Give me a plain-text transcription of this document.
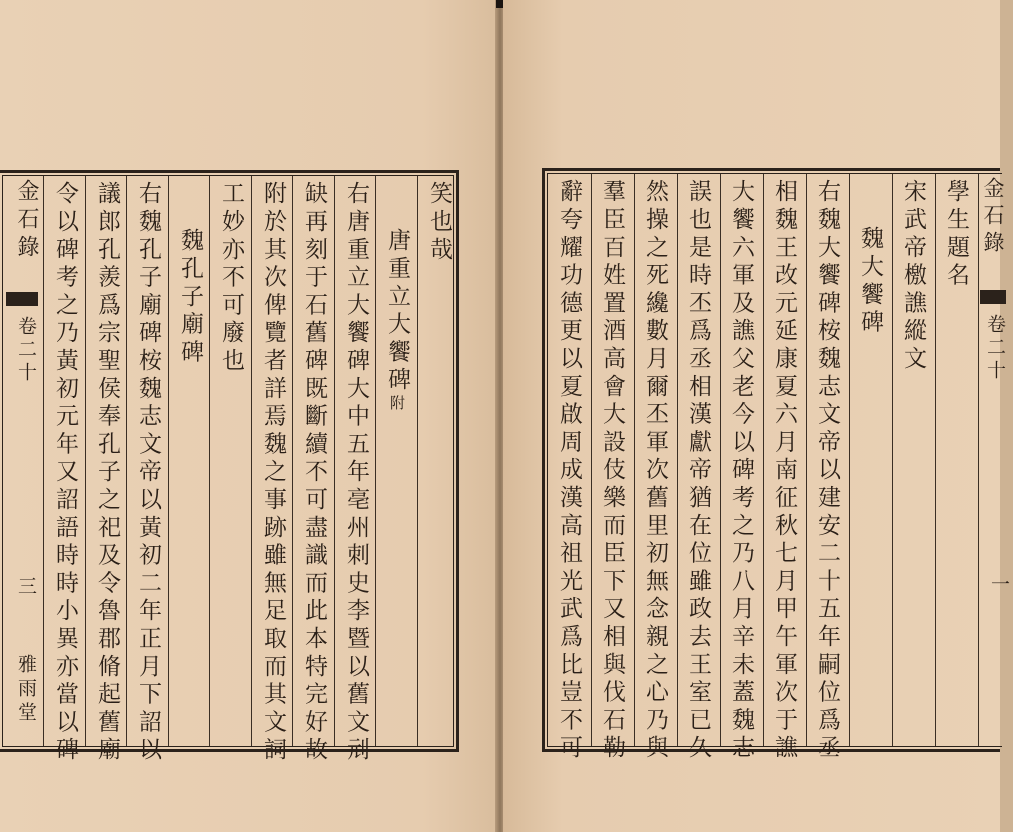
金石錄
卷二十
三
雅雨堂
笑也哉
唐重立大饗碑附
右唐重立大饗碑大中五年亳州刺史李暨以舊文刓
缺再刻于石舊碑既斷續不可盡識而此本特完好故
附於其次俾覽者詳焉魏之事跡雖無足取而其文詞
工妙亦不可廢也
魏孔子廟碑
右魏孔子廟碑桉魏志文帝以黃初二年正月下詔以
議郎孔羨爲宗聖侯奉孔子之祀及令魯郡脩起舊廟
令以碑考之乃黃初元年又詔語時時小異亦當以碑	學生題名
宋武帝檄譙縱文
魏大饗碑
右魏大饗碑桉魏志文帝以建安二十五年嗣位爲丞
相魏王改元延康夏六月南征秋七月甲午軍次于譙
大饗六軍及譙父老今以碑考之乃八月辛未蓋魏志
誤也是時丕爲丞相漢獻帝猶在位雖政去王室已久
然操之死纔數月爾丕軍次舊里初無念親之心乃與
羣臣百姓置酒高會大設伎樂而臣下又相與伐石勒
辭夸耀功德更以夏啟周成漢高祖光武爲比豈不可	金石錄
卷二十
一
